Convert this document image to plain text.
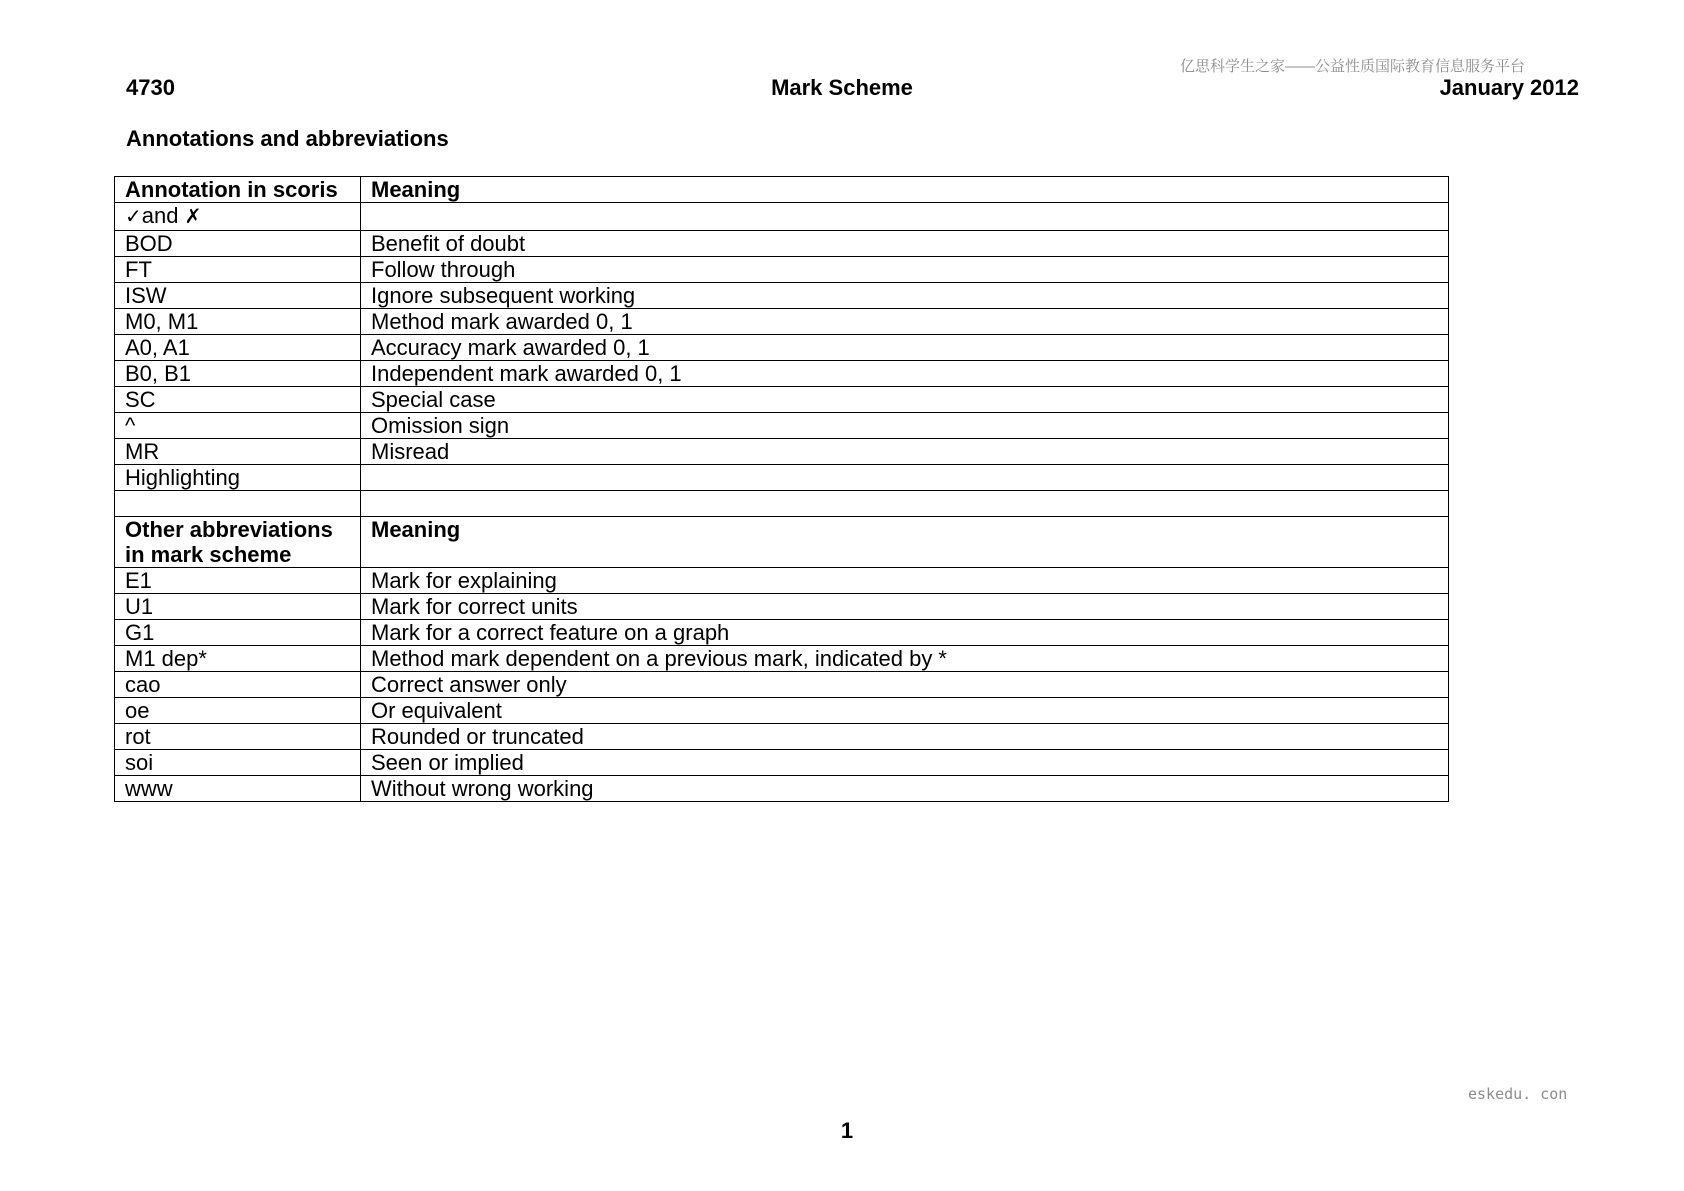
亿思科学生之家——公益性质国际教育信息服务平台
4730	Mark Scheme	January 2012
Annotations and abbreviations
Annotation in scoris	Meaning
✓and ✗	
BOD	Benefit of doubt
FT	Follow through
ISW	Ignore subsequent working
M0, M1	Method mark awarded 0, 1
A0, A1	Accuracy mark awarded 0, 1
B0, B1	Independent mark awarded 0, 1
SC	Special case
^	Omission sign
MR	Misread
Highlighting	

Other abbreviations in mark scheme	Meaning
E1	Mark for explaining
U1	Mark for correct units
G1	Mark for a correct feature on a graph
M1 dep*	Method mark dependent on a previous mark, indicated by *
cao	Correct answer only
oe	Or equivalent
rot	Rounded or truncated
soi	Seen or implied
www	Without wrong working
eskedu. con
1
